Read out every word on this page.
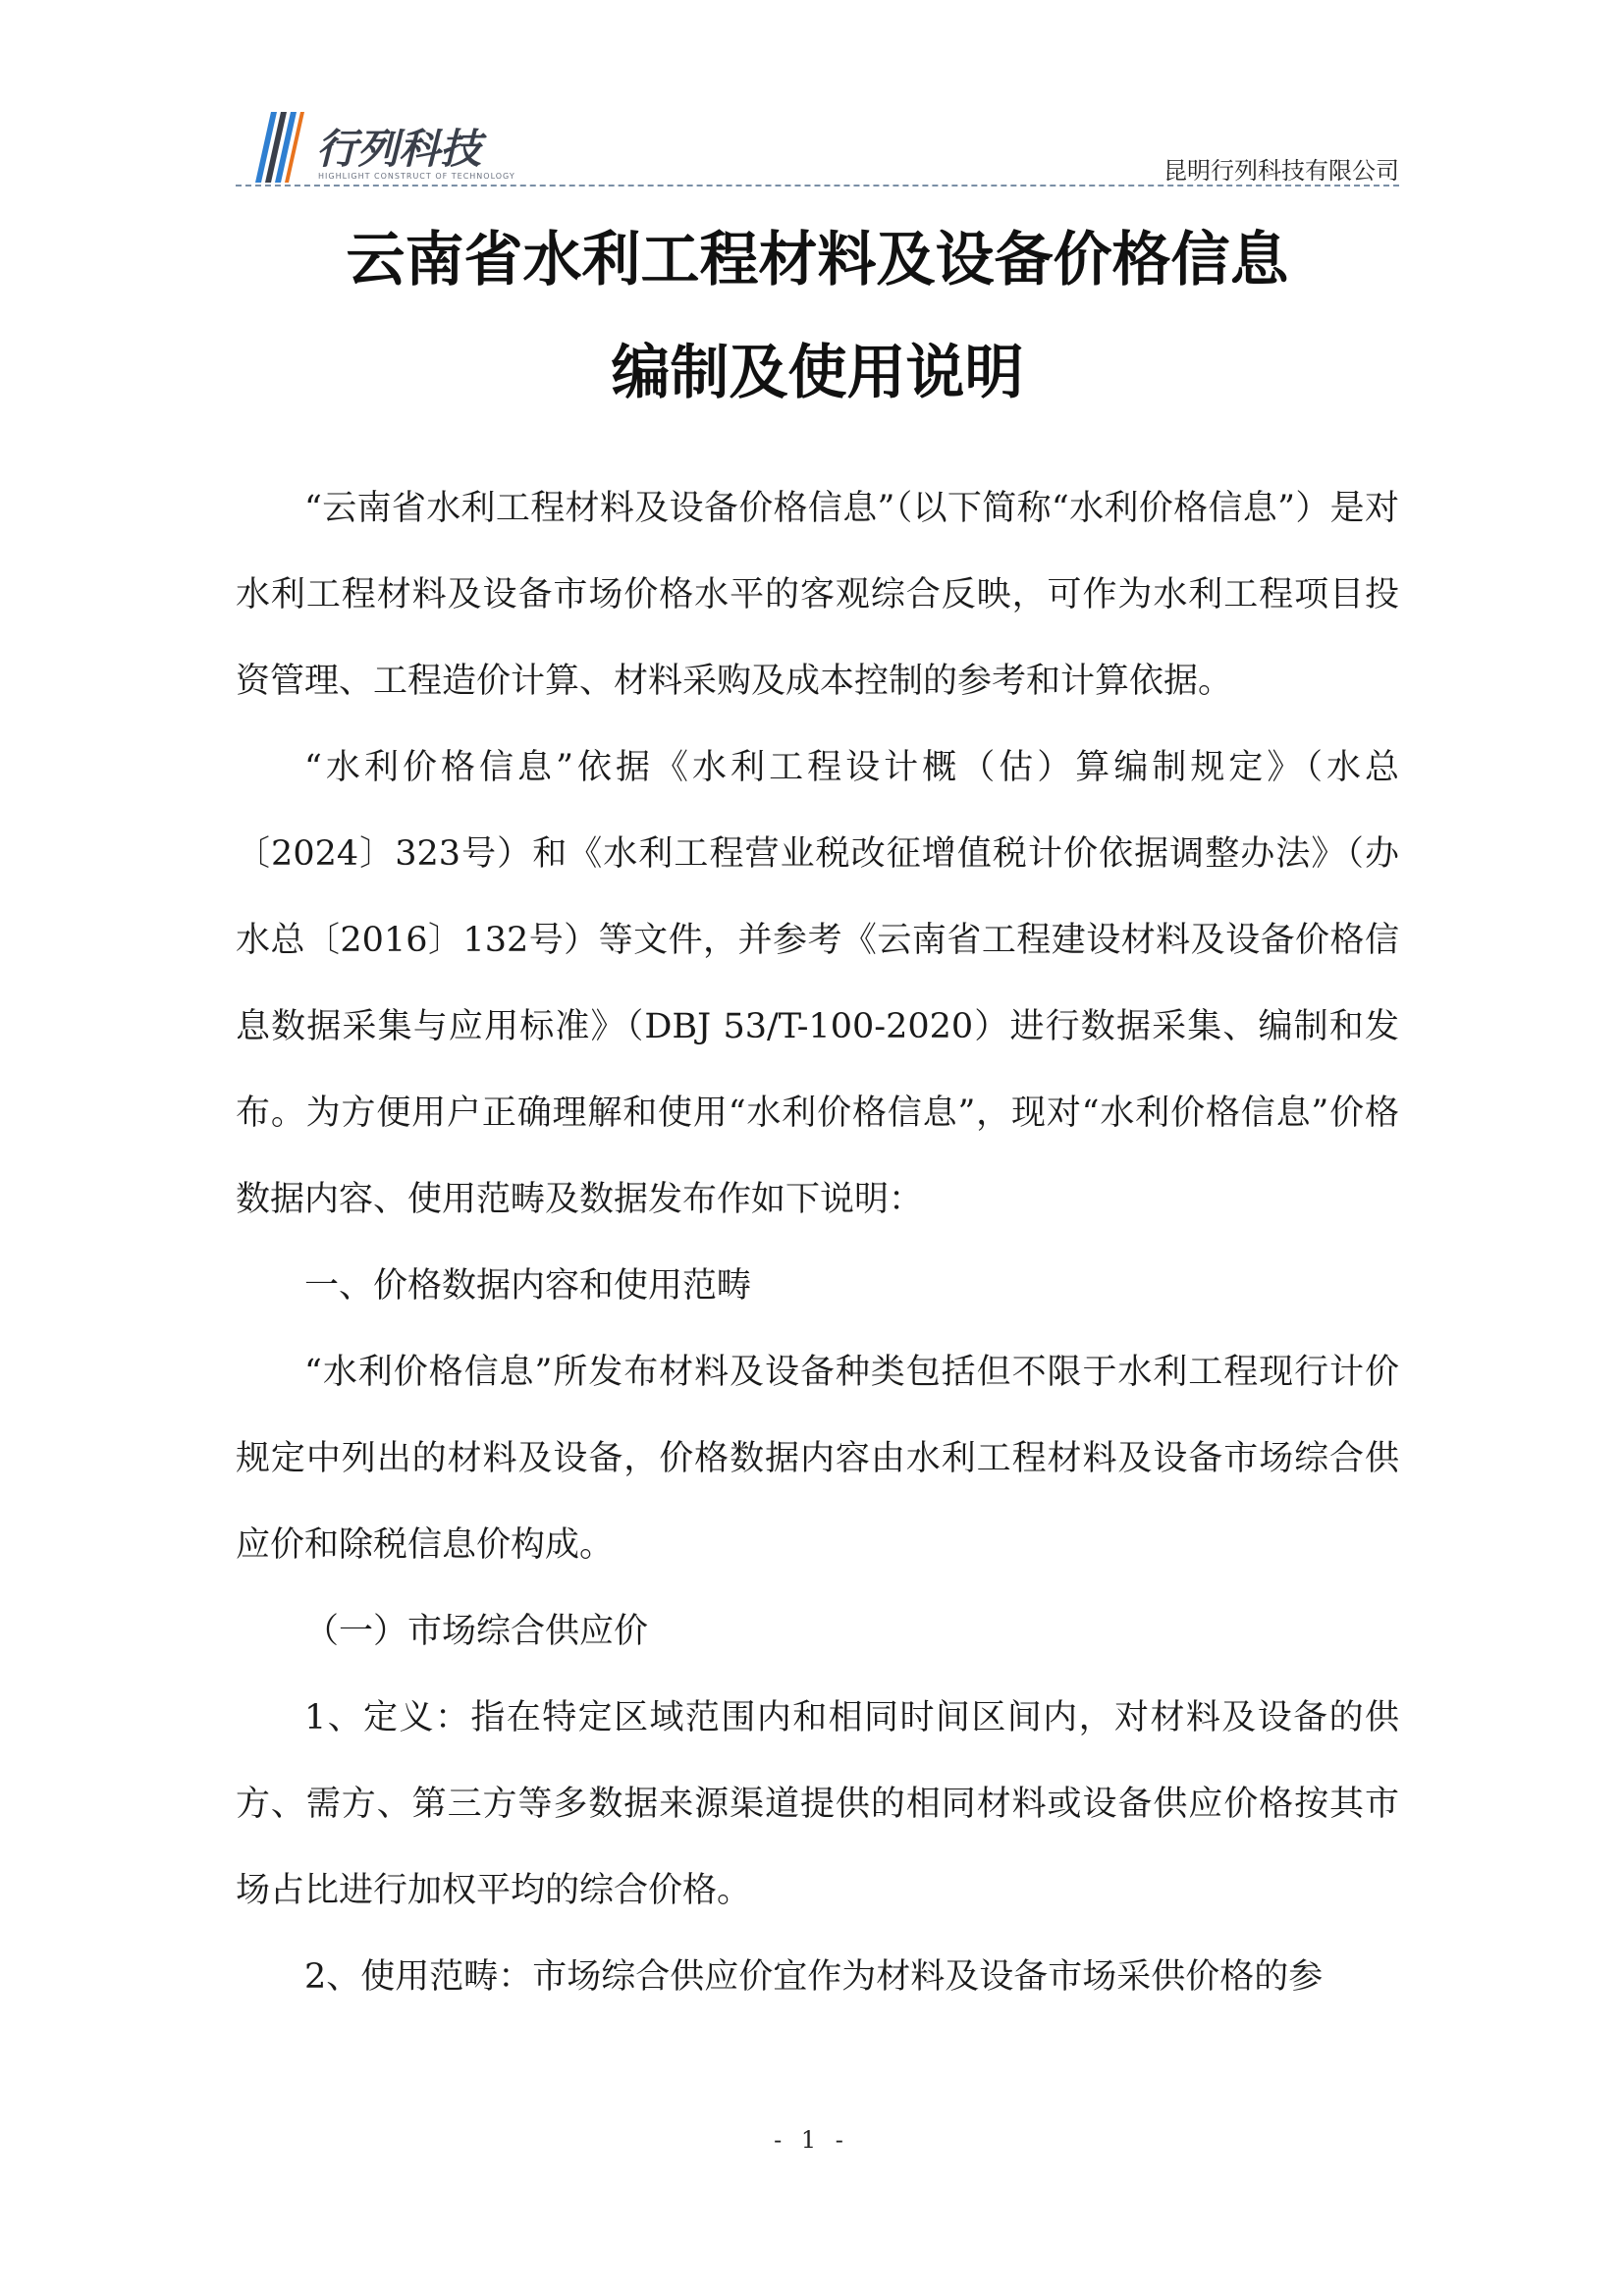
行列科技
HIGHLIGHT CONSTRUCT OF TECHNOLOGY	昆明行列科技有限公司
云南省水利工程材料及设备价格信息
编制及使用说明

“云南省水利工程材料及设备价格信息”（以下简称“水利价格信息”）是对水利工程材料及设备市场价格水平的客观综合反映，可作为水利工程项目投资管理、工程造价计算、材料采购及成本控制的参考和计算依据。

“水利价格信息”依据《水利工程设计概（估）算编制规定》（水总〔2024〕323号）和《水利工程营业税改征增值税计价依据调整办法》（办水总〔2016〕132号）等文件，并参考《云南省工程建设材料及设备价格信息数据采集与应用标准》（DBJ 53/T-100-2020）进行数据采集、编制和发布。为方便用户正确理解和使用“水利价格信息”，现对“水利价格信息”价格数据内容、使用范畴及数据发布作如下说明：

一、价格数据内容和使用范畴

“水利价格信息”所发布材料及设备种类包括但不限于水利工程现行计价规定中列出的材料及设备，价格数据内容由水利工程材料及设备市场综合供应价和除税信息价构成。

（一）市场综合供应价

1、定义：指在特定区域范围内和相同时间区间内，对材料及设备的供方、需方、第三方等多数据来源渠道提供的相同材料或设备供应价格按其市场占比进行加权平均的综合价格。

2、使用范畴：市场综合供应价宜作为材料及设备市场采供价格的参

- 1 -
